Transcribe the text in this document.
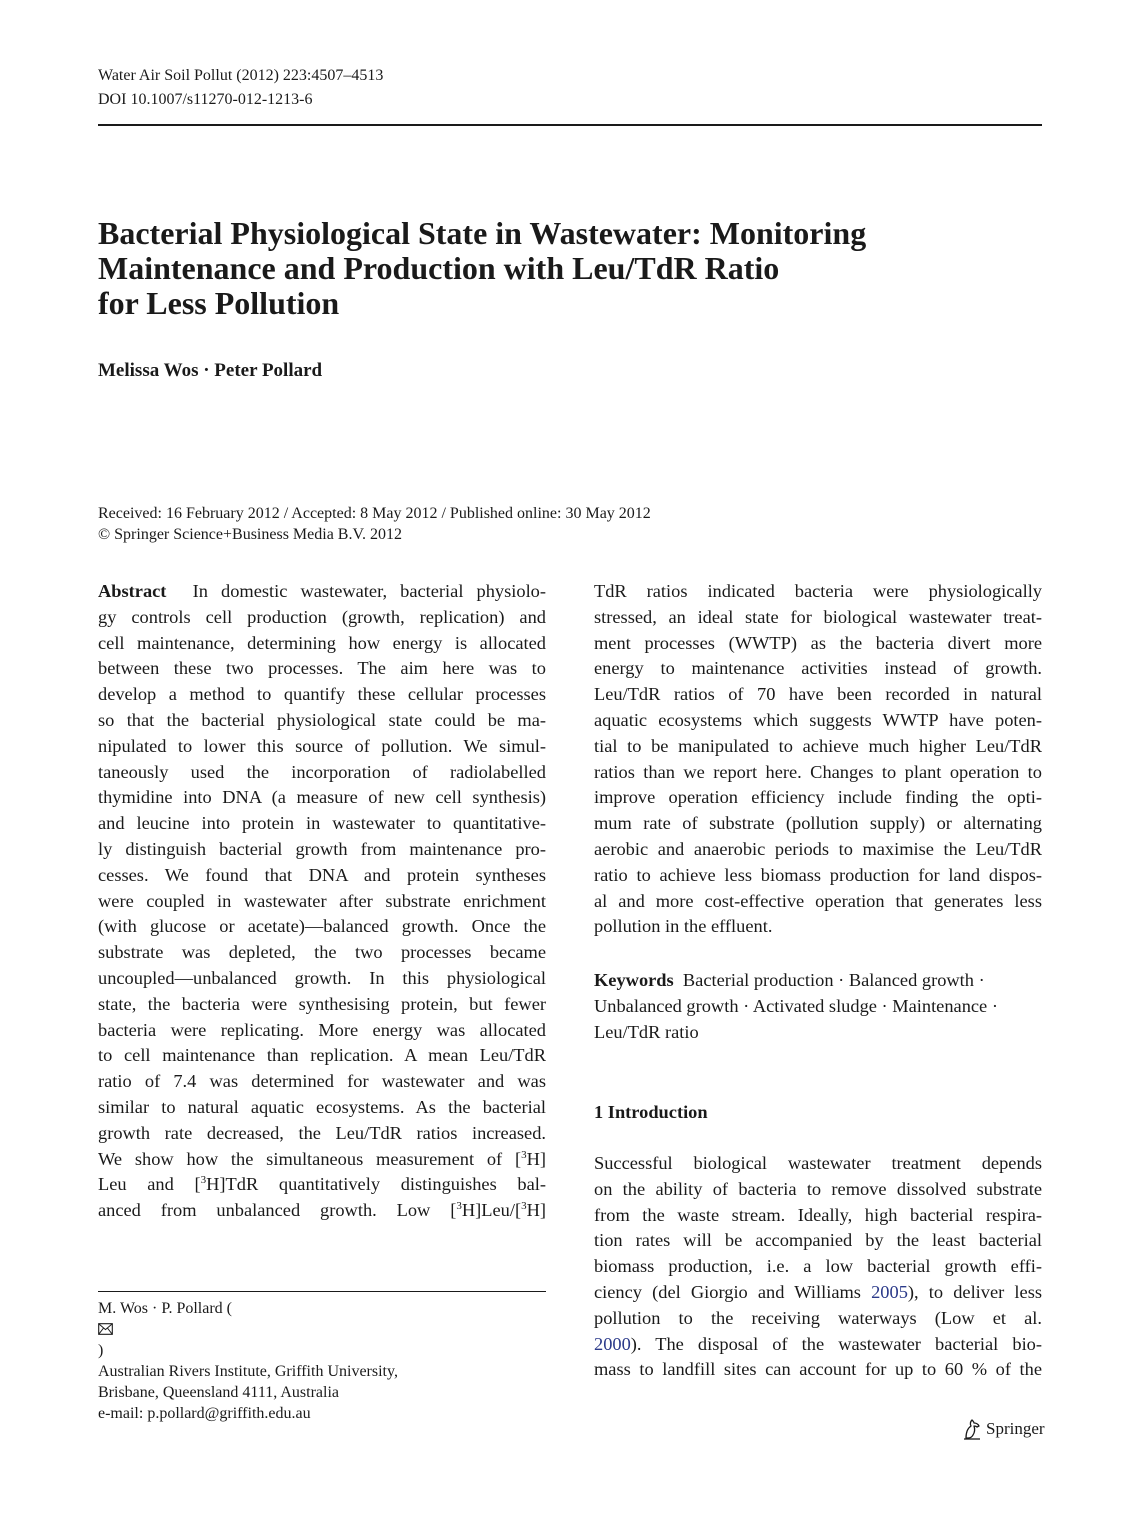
Water Air Soil Pollut (2012) 223:4507–4513
DOI 10.1007/s11270-012-1213-6
Bacterial Physiological State in Wastewater: Monitoring
Maintenance and Production with Leu/TdR Ratio
for Less Pollution
Melissa Wos · Peter Pollard
Received: 16 February 2012 / Accepted: 8 May 2012 / Published online: 30 May 2012
© Springer Science+Business Media B.V. 2012
Abstract In domestic wastewater, bacterial physiolo-
gy controls cell production (growth, replication) and
cell maintenance, determining how energy is allocated
between these two processes. The aim here was to
develop a method to quantify these cellular processes
so that the bacterial physiological state could be ma-
nipulated to lower this source of pollution. We simul-
taneously used the incorporation of radiolabelled
thymidine into DNA (a measure of new cell synthesis)
and leucine into protein in wastewater to quantitative-
ly distinguish bacterial growth from maintenance pro-
cesses. We found that DNA and protein syntheses
were coupled in wastewater after substrate enrichment
(with glucose or acetate)—balanced growth. Once the
substrate was depleted, the two processes became
uncoupled—unbalanced growth. In this physiological
state, the bacteria were synthesising protein, but fewer
bacteria were replicating. More energy was allocated
to cell maintenance than replication. A mean Leu/TdR
ratio of 7.4 was determined for wastewater and was
similar to natural aquatic ecosystems. As the bacterial
growth rate decreased, the Leu/TdR ratios increased.
We show how the simultaneous measurement of [$^3$H]
Leu and [$^3$H]TdR quantitatively distinguishes bal-
anced from unbalanced growth. Low [$^3$H]Leu/[$^3$H]
TdR ratios indicated bacteria were physiologically
stressed, an ideal state for biological wastewater treat-
ment processes (WWTP) as the bacteria divert more
energy to maintenance activities instead of growth.
Leu/TdR ratios of 70 have been recorded in natural
aquatic ecosystems which suggests WWTP have poten-
tial to be manipulated to achieve much higher Leu/TdR
ratios than we report here. Changes to plant operation to
improve operation efficiency include finding the opti-
mum rate of substrate (pollution supply) or alternating
aerobic and anaerobic periods to maximise the Leu/TdR
ratio to achieve less biomass production for land dispos-
al and more cost-effective operation that generates less
pollution in the effluent.
Keywords Bacterial production · Balanced growth ·
Unbalanced growth · Activated sludge · Maintenance ·
Leu/TdR ratio
1 Introduction
Successful biological wastewater treatment depends
on the ability of bacteria to remove dissolved substrate
from the waste stream. Ideally, high bacterial respira-
tion rates will be accompanied by the least bacterial
biomass production, i.e. a low bacterial growth effi-
ciency (del Giorgio and Williams 2005), to deliver less
pollution to the receiving waterways (Low et al.
2000). The disposal of the wastewater bacterial bio-
mass to landfill sites can account for up to 60 % of the
M. Wos · P. Pollard (
)
Australian Rivers Institute, Griffith University,
Brisbane, Queensland 4111, Australia
e-mail: p.pollard@griffith.edu.au
Springer
